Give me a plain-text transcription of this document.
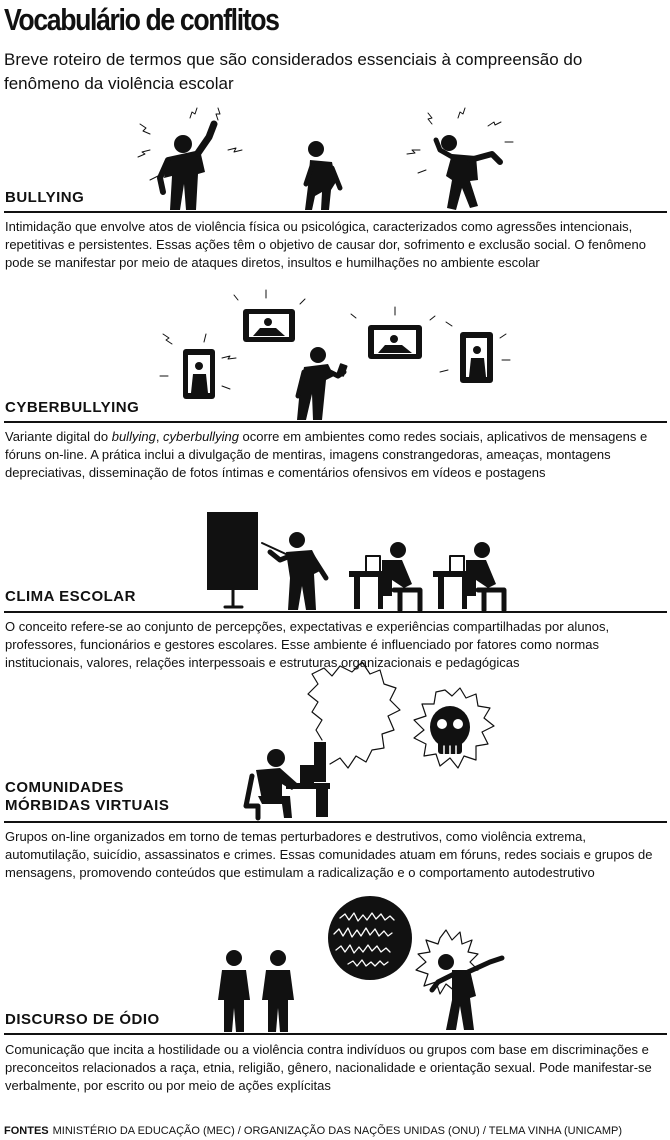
Vocabulário de conflitos

Breve roteiro de termos que são considerados essenciais à compreensão do fenômeno da violência escolar

BULLYING

Intimidação que envolve atos de violência física ou psicológica, caracterizados como agressões intencionais, repetitivas e persistentes. Essas ações têm o objetivo de causar dor, sofrimento e exclusão social. O fenômeno pode se manifestar por meio de ataques diretos, insultos e humilhações no ambiente escolar

CYBERBULLYING

Variante digital do bullying, cyberbullying ocorre em ambientes como redes sociais, aplicativos de mensagens e fóruns on-line. A prática inclui a divulgação de mentiras, imagens constrangedoras, ameaças, montagens depreciativas, disseminação de fotos íntimas e comentários ofensivos em vídeos e postagens

CLIMA ESCOLAR

O conceito refere-se ao conjunto de percepções, expectativas e experiências compartilhadas por alunos, professores, funcionários e gestores escolares. Esse ambiente é influenciado por fatores como normas institucionais, valores, relações interpessoais e estruturas organizacionais e pedagógicas

COMUNIDADES
MÓRBIDAS VIRTUAIS

Grupos on-line organizados em torno de temas perturbadores e destrutivos, como violência extrema, automutilação, suicídio, assassinatos e crimes. Essas comunidades atuam em fóruns, redes sociais e grupos de mensagens, promovendo conteúdos que estimulam a radicalização e o comportamento autodestrutivo

DISCURSO DE ÓDIO

Comunicação que incita a hostilidade ou a violência contra indivíduos ou grupos com base em discriminações e preconceitos relacionados a raça, etnia, religião, gênero, nacionalidade e orientação sexual. Pode manifestar-se verbalmente, por escrito ou por meio de ações explícitas

FONTES MINISTÉRIO DA EDUCAÇÃO (MEC) / ORGANIZAÇÃO DAS NAÇÕES UNIDAS (ONU) / TELMA VINHA (UNICAMP)
